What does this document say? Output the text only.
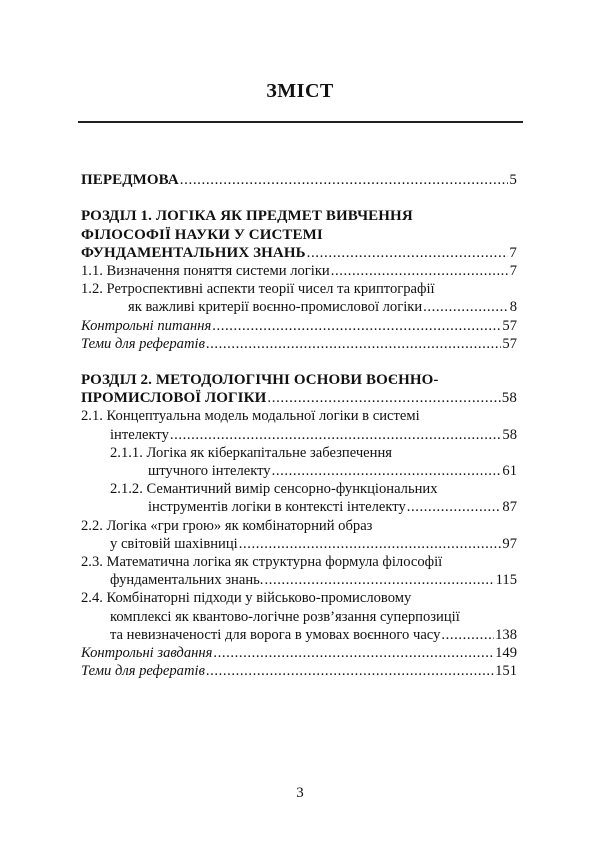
ЗМІСТ
ПЕРЕДМОВА .....	5
РОЗДІЛ 1. ЛОГІКА ЯК ПРЕДМЕТ ВИВЧЕННЯ
ФІЛОСОФІЇ НАУКИ У СИСТЕМІ
ФУНДАМЕНТАЛЬНИХ ЗНАНЬ .....	7
1.1. Визначення поняття системи логіки .....	7
1.2. Ретроспективні аспекти теорії чисел та криптографії
як важливі критерії воєнно-промислової логіки .....	8
Контрольні питання .....	57
Теми для рефератів .....	57
РОЗДІЛ 2. МЕТОДОЛОГІЧНІ ОСНОВИ ВОЄННО-
ПРОМИСЛОВОЇ ЛОГІКИ .....	58
2.1. Концептуальна модель модальної логіки в системі
інтелекту .....	58
2.1.1. Логіка як кіберкапітальне забезпечення
штучного інтелекту .....	61
2.1.2. Семантичний вимір сенсорно-функціональних
інструментів логіки в контексті інтелекту .....	87
2.2. Логіка «гри грою» як комбінаторний образ
у світовій шахівниці .....	97
2.3. Математична логіка як структурна формула філософії
фундаментальних знань. .....	115
2.4. Комбінаторні підходи у військово-промисловому
комплексі як квантово-логічне розв’язання суперпозиції
та невизначеності для ворога в умовах воєнного часу .....	138
Контрольні завдання .....	149
Теми для рефератів .....	151
3
